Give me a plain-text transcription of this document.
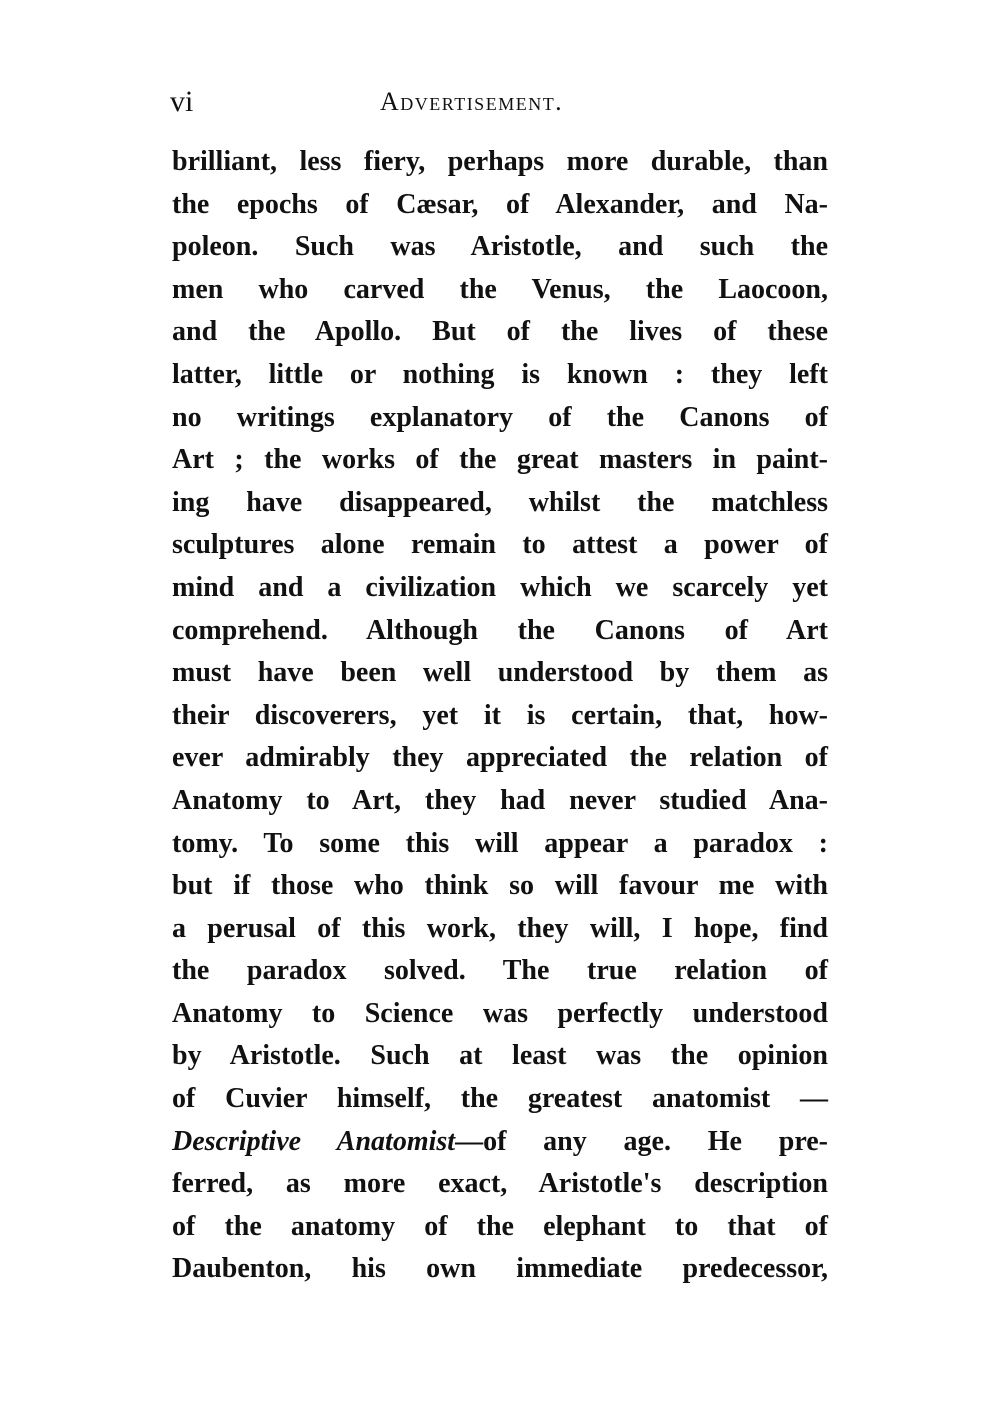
vi	Advertisement.
brilliant, less fiery, perhaps more durable, than
the epochs of Cæsar, of Alexander, and Na-
poleon. Such was Aristotle, and such the
men who carved the Venus, the Laocoon,
and the Apollo. But of the lives of these
latter, little or nothing is known : they left
no writings explanatory of the Canons of
Art ; the works of the great masters in paint-
ing have disappeared, whilst the matchless
sculptures alone remain to attest a power of
mind and a civilization which we scarcely yet
comprehend. Although the Canons of Art
must have been well understood by them as
their discoverers, yet it is certain, that, how-
ever admirably they appreciated the relation of
Anatomy to Art, they had never studied Ana-
tomy. To some this will appear a paradox :
but if those who think so will favour me with
a perusal of this work, they will, I hope, find
the paradox solved. The true relation of
Anatomy to Science was perfectly understood
by Aristotle. Such at least was the opinion
of Cuvier himself, the greatest anatomist —
Descriptive Anatomist—of any age. He pre-
ferred, as more exact, Aristotle's description
of the anatomy of the elephant to that of
Daubenton, his own immediate predecessor,
